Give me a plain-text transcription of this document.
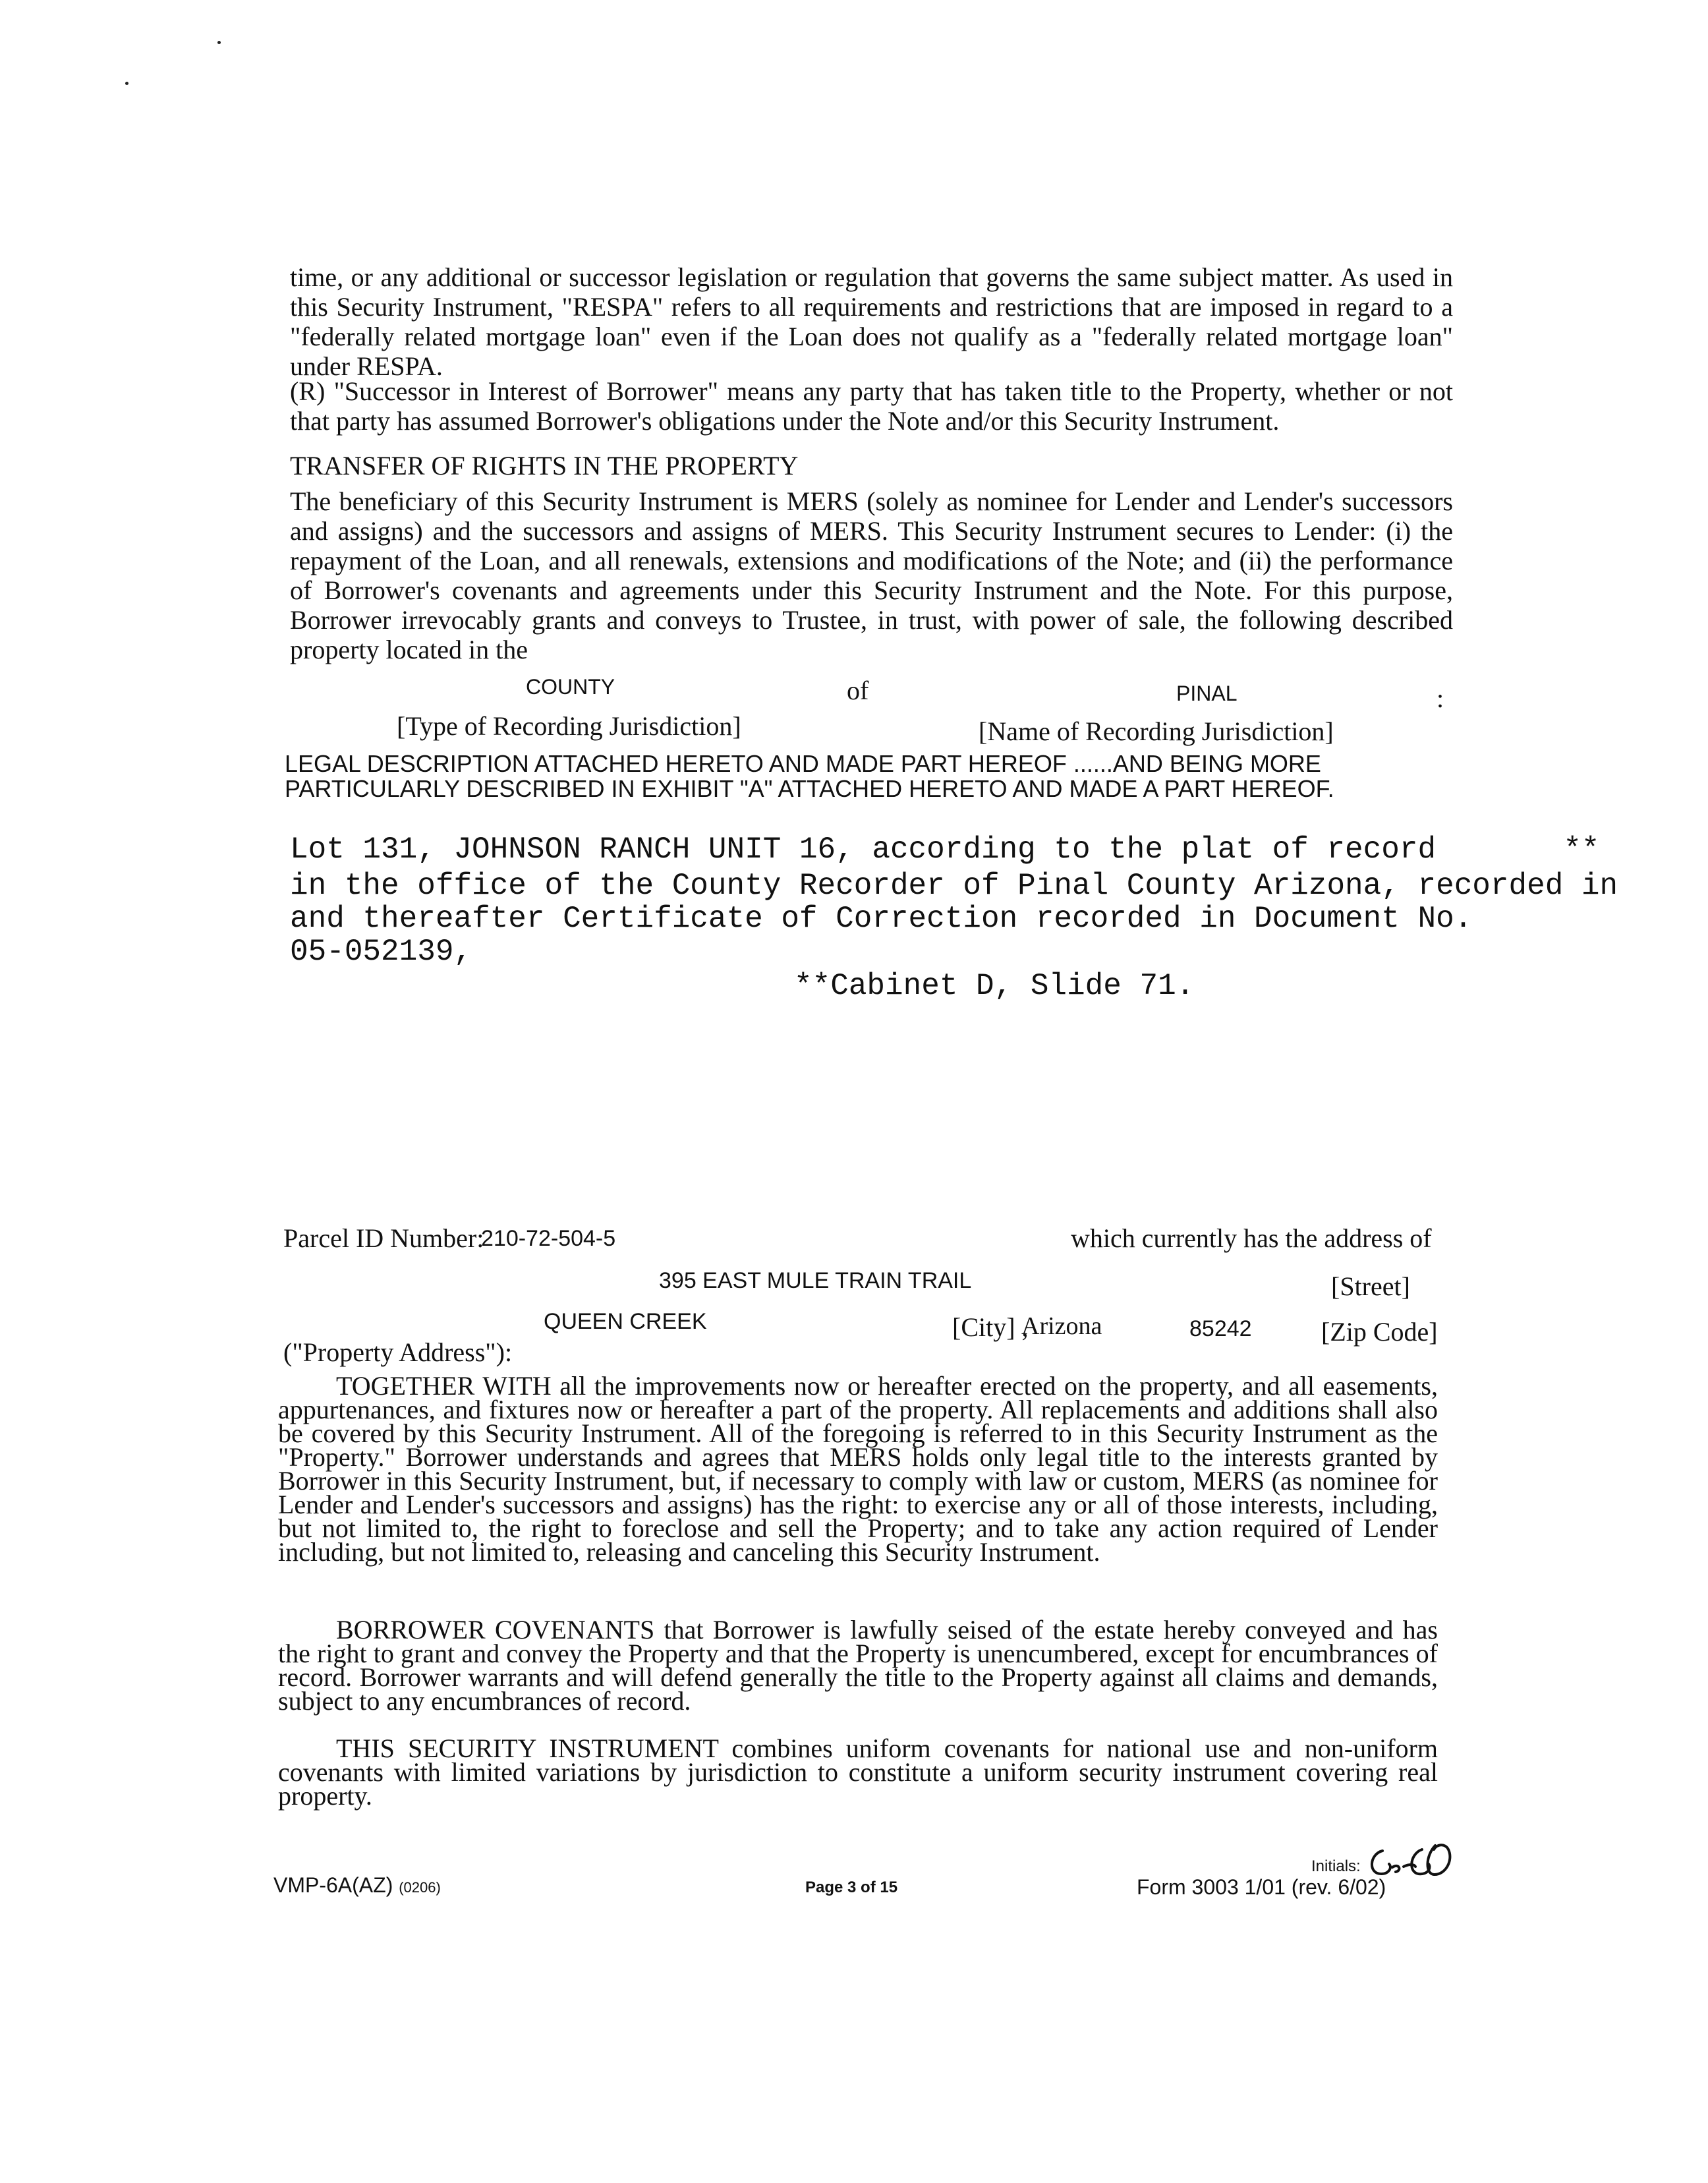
time, or any additional or successor legislation or regulation that governs the same subject matter. As used in this Security Instrument, "RESPA" refers to all requirements and restrictions that are imposed in regard to a "federally related mortgage loan" even if the Loan does not qualify as a "federally related mortgage loan" under RESPA.
(R) "Successor in Interest of Borrower" means any party that has taken title to the Property, whether or not that party has assumed Borrower's obligations under the Note and/or this Security Instrument.
TRANSFER OF RIGHTS IN THE PROPERTY
The beneficiary of this Security Instrument is MERS (solely as nominee for Lender and Lender's successors and assigns) and the successors and assigns of MERS. This Security Instrument secures to Lender: (i) the repayment of the Loan, and all renewals, extensions and modifications of the Note; and (ii) the performance of Borrower's covenants and agreements under this Security Instrument and the Note. For this purpose, Borrower irrevocably grants and conveys to Trustee, in trust, with power of sale, the following described property located in the
COUNTY	of	PINAL	:
[Type of Recording Jurisdiction]	[Name of Recording Jurisdiction]
LEGAL DESCRIPTION ATTACHED HERETO AND MADE PART HEREOF ......AND BEING MORE PARTICULARLY DESCRIBED IN EXHIBIT "A" ATTACHED HERETO AND MADE A PART HEREOF.
Lot 131, JOHNSON RANCH UNIT 16, according to the plat of record       **
in the office of the County Recorder of Pinal County Arizona, recorded in
and thereafter Certificate of Correction recorded in Document No.
05-052139,
**Cabinet D, Slide 71.
Parcel ID Number:
210-72-504-5	which currently has the address of
395 EAST MULE TRAIN TRAIL	[Street]
QUEEN CREEK	[City] ,
Arizona	85242	[Zip Code]
("Property Address"):
TOGETHER WITH all the improvements now or hereafter erected on the property, and all easements, appurtenances, and fixtures now or hereafter a part of the property. All replacements and additions shall also be covered by this Security Instrument. All of the foregoing is referred to in this Security Instrument as the "Property." Borrower understands and agrees that MERS holds only legal title to the interests granted by Borrower in this Security Instrument, but, if necessary to comply with law or custom, MERS (as nominee for Lender and Lender's successors and assigns) has the right: to exercise any or all of those interests, including, but not limited to, the right to foreclose and sell the Property; and to take any action required of Lender including, but not limited to, releasing and canceling this Security Instrument.
BORROWER COVENANTS that Borrower is lawfully seised of the estate hereby conveyed and has the right to grant and convey the Property and that the Property is unencumbered, except for encumbrances of record. Borrower warrants and will defend generally the title to the Property against all claims and demands, subject to any encumbrances of record.
THIS SECURITY INSTRUMENT combines uniform covenants for national use and non-uniform covenants with limited variations by jurisdiction to constitute a uniform security instrument covering real property.
VMP-6A(AZ) (0206)	Page 3 of 15
Initials:
Form 3003 1/01 (rev. 6/02)
